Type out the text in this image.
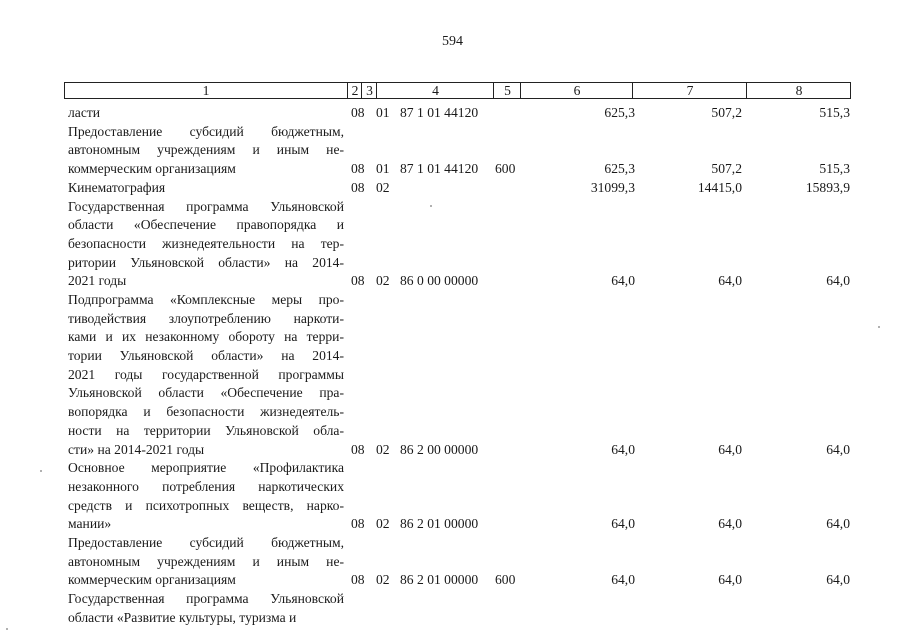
594
1	2 3	4	5	6	7	8
ласти	08 01 87 1 01 44120	625,3	507,2	515,3
Предоставление субсидий бюджетным,
автономным учреждениям и иным не-
коммерческим организациям	08 01 87 1 01 44120 600	625,3	507,2	515,3
Кинематография	08 02	31099,3	14415,0	15893,9
Государственная программа Ульяновской
области «Обеспечение правопорядка и
безопасности жизнедеятельности на тер-
ритории Ульяновской области» на 2014-
2021 годы	08 02 86 0 00 00000	64,0	64,0	64,0
Подпрограмма «Комплексные меры про-
тиводействия злоупотреблению наркоти-
ками и их незаконному обороту на терри-
тории Ульяновской области» на 2014-
2021 годы государственной программы
Ульяновской области «Обеспечение пра-
вопорядка и безопасности жизнедеятель-
ности на территории Ульяновской обла-
сти» на 2014-2021 годы	08 02 86 2 00 00000	64,0	64,0	64,0
Основное мероприятие «Профилактика
незаконного потребления наркотических
средств и психотропных веществ, нарко-
мании»	08 02 86 2 01 00000	64,0	64,0	64,0
Предоставление субсидий бюджетным,
автономным учреждениям и иным не-
коммерческим организациям	08 02 86 2 01 00000 600	64,0	64,0	64,0
Государственная программа Ульяновской
области «Развитие культуры, туризма и
